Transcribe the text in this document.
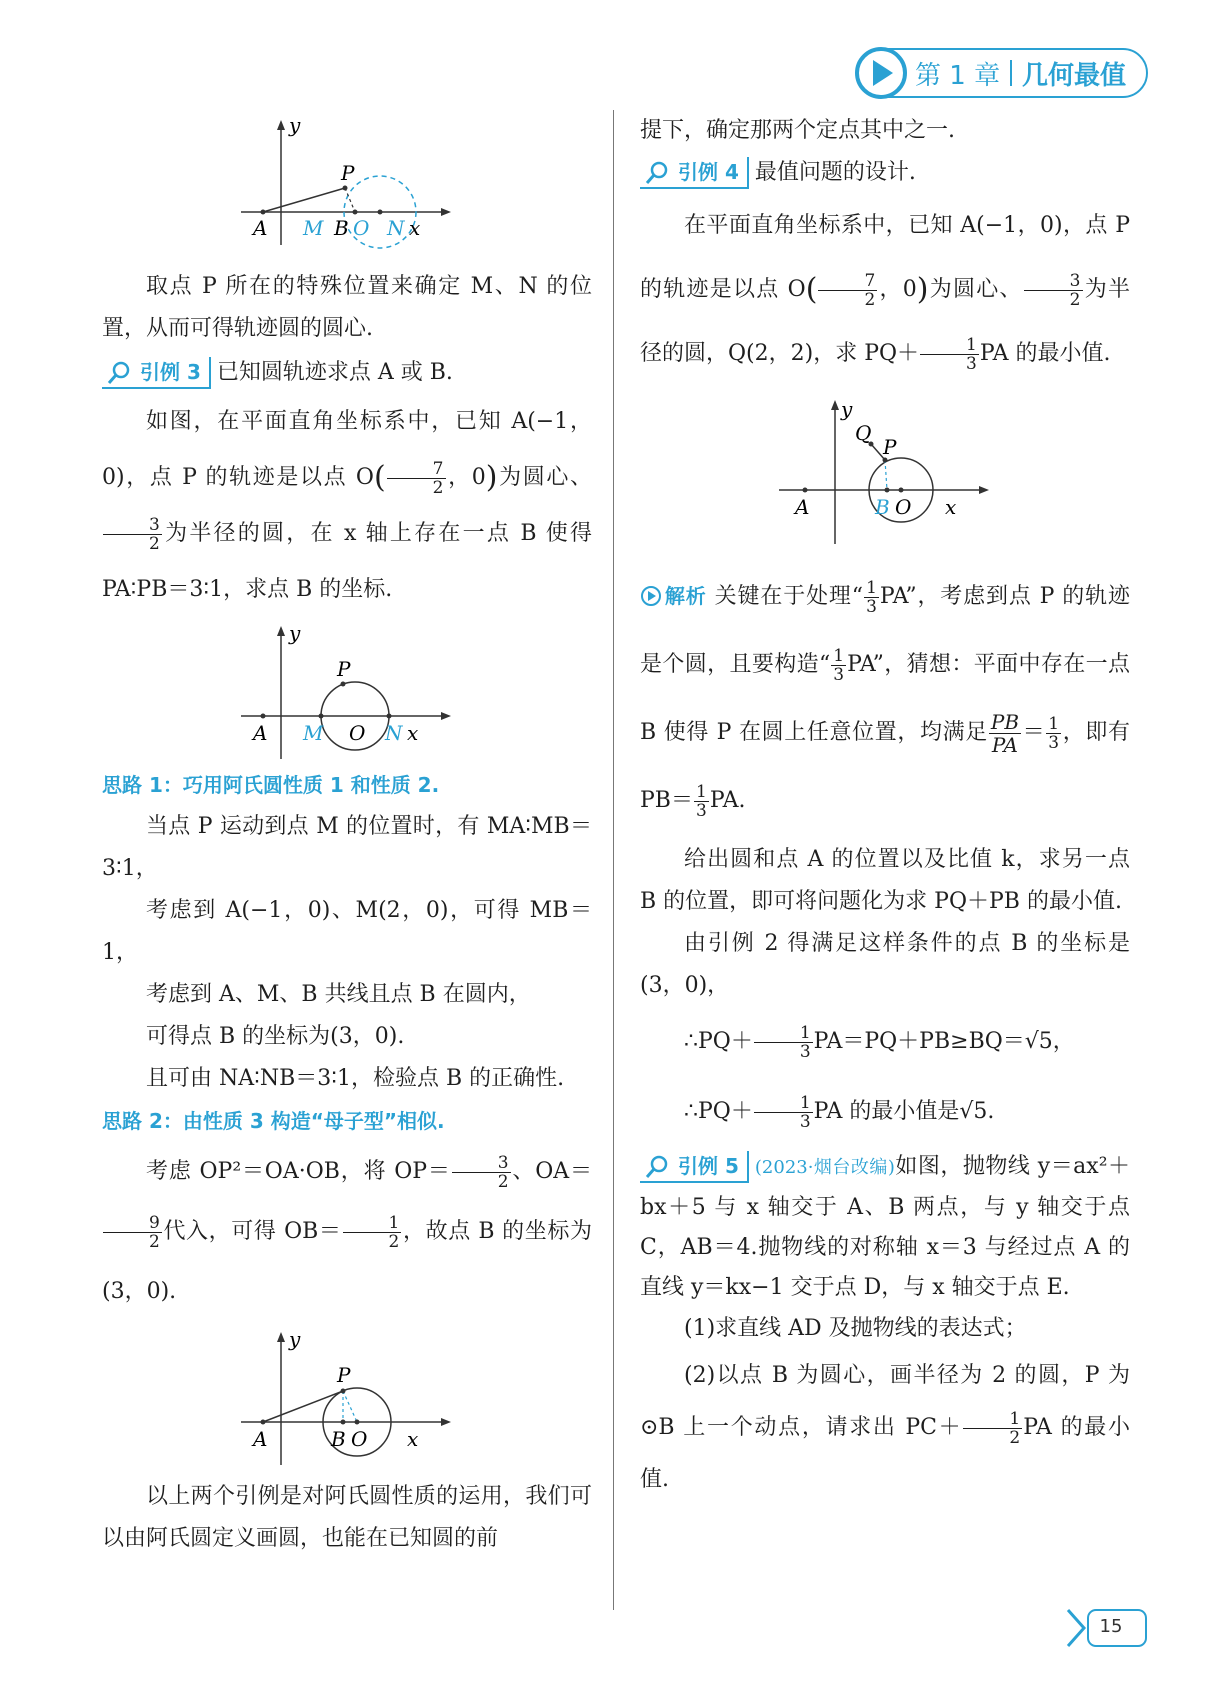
第 1 章 几何最值
y
P
A M B O N x

取点 P 所在的特殊位置来确定 M、N 的位置，从而可得轨迹圆的圆心.

引例 3 已知圆轨迹求点 A 或 B.

如图，在平面直角坐标系中，已知 A(−1，0)，点 P 的轨迹是以点 $O( \frac{7}{2}$ ，0)为圆心、
$\frac{3}{2}$ 为半径的圆，在 x 轴上存在一点 B 使得 PA∶PB＝3∶1，求点 B 的坐标.

y
P
A M O N x

思路 1：巧用阿氏圆性质 1 和性质 2.

当点 P 运动到点 M 的位置时，有 MA∶MB＝3∶1，

考虑到 A(−1，0)、M(2，0)，可得 MB＝1，

考虑到 A、M、B 共线且点 B 在圆内，

可得点 B 的坐标为(3，0).

且可由 NA∶NB＝3∶1，检验点 B 的正确性.

思路 2：由性质 3 构造“母子型”相似.

考虑 OP²＝OA·OB，将 $OP= \frac{3}{2}$ 、OA＝
$\frac{9}{2}$ 代入，可得 $OB= \frac{1}{2}$ ，故点 B 的坐标为(3，0).

y
P
A	B O x

以上两个引例是对阿氏圆性质的运用，我们可以由阿氏圆定义画圆，也能在已知圆的前

提下，确定那两个定点其中之一.

引例 4 最值问题的设计.

在平面直角坐标系中，已知 A(−1，0)，点 P 的轨迹是以点 $O( \frac{7}{2}$ ，0)为圆心、 $\frac{3}{2}$ 为半径的圆，Q(2，2)，求 $PQ+ \frac{1}{3}$ PA 的最小值.

y
Q
P
A	B O x

解析 关键在于处理“ $\frac{1}{3}$ PA”，考虑到点 P 的轨迹是个圆，且要构造“ $\frac{1}{3}$ PA”，猜想：平面中存在一点 B 使得 P 在圆上任意位置，均满足 $\frac{PB}{PA} = \frac{1}{3}$ ，即有 $PB= \frac{1}{3}$ PA.

给出圆和点 A 的位置以及比值 k，求另一点 B 的位置，即可将问题化为求 PQ＋PB 的最小值.

由引例 2 得满足这样条件的点 B 的坐标是(3，0)，

∴PQ＋ $\frac{1}{3} PA=PQ+PB\ge BQ=√5$，

∴PQ＋ $\frac{1}{3}$ PA 的最小值是√5.

引例 5 (2023·烟台改编)如图，抛物线 y＝ax²＋bx＋5 与 x 轴交于 A、B 两点，与 y 轴交于点 C，AB＝4.抛物线的对称轴 x＝3 与经过点 A 的直线 y＝kx−1 交于点 D，与 x 轴交于点 E.

(1)求直线 AD 及抛物线的表达式；

(2)以点 B 为圆心，画半径为 2 的圆，P 为⊙B 上一个动点，请求出 $PC+ \frac{1}{2}$ PA 的最小值.

15
